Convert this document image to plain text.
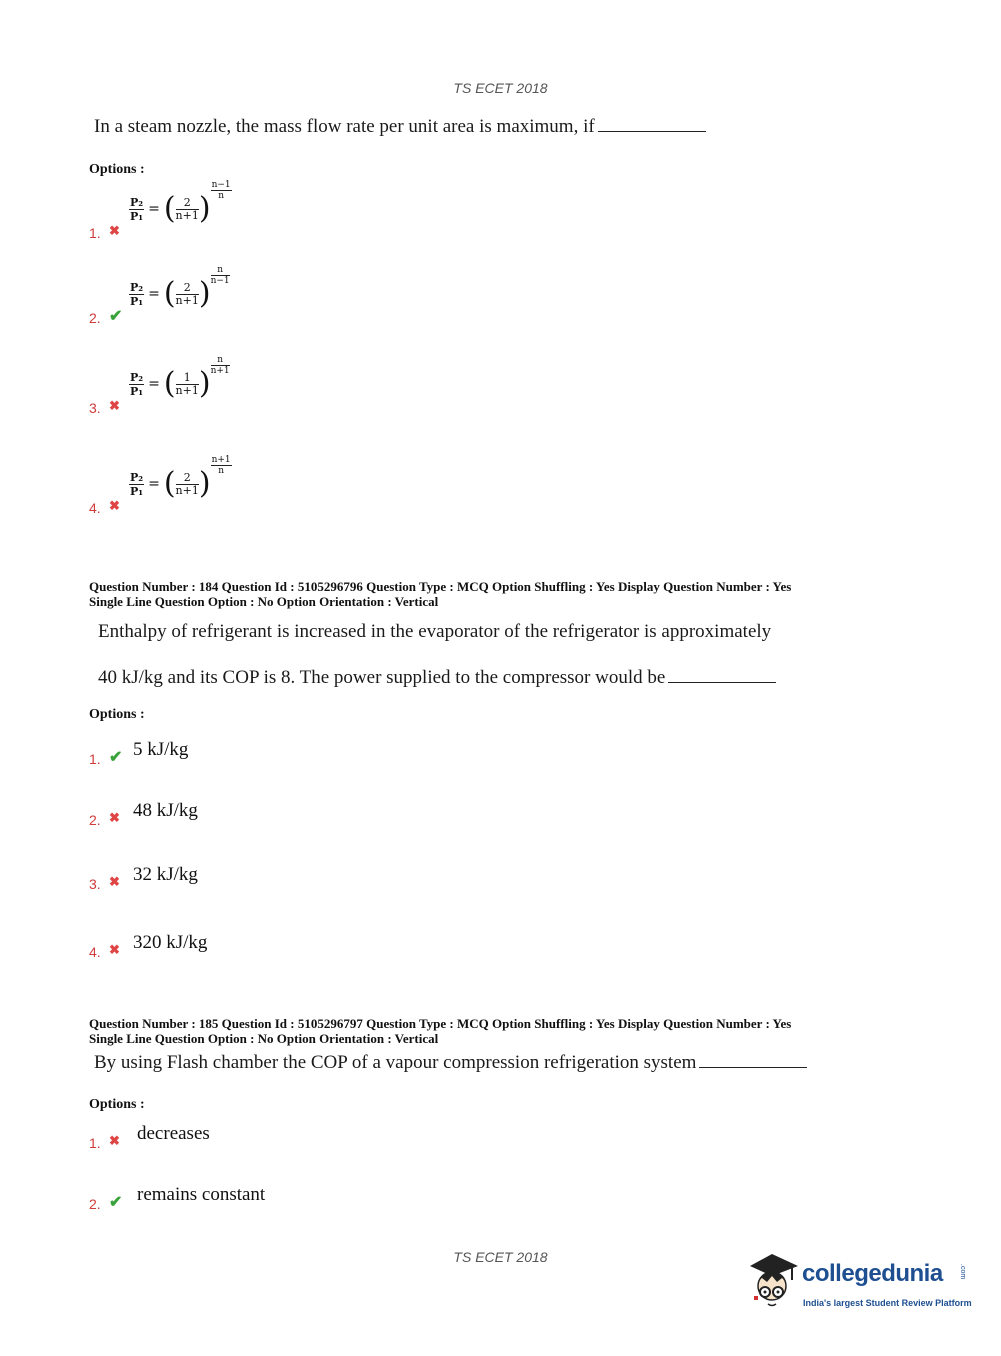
TS ECET 2018
In a steam nozzle, the mass flow rate per unit area is maximum, if
Options :
1. ✖
$\frac{\text{P₂}}{\text{P₁}}$ = ( $\frac{2}{n+1}$ )
$\frac{n-1}{n}$
2. ✔
$\frac{\text{P₂}}{\text{P₁}}$ = ( $\frac{2}{n+1}$ )
$\frac{n}{n-1}$
3. ✖
$\frac{\text{P₂}}{\text{P₁}}$ = ( $\frac{1}{n+1}$ )
$\frac{n}{n+1}$
4. ✖
$\frac{\text{P₂}}{\text{P₁}}$ = ( $\frac{2}{n+1}$ )
$\frac{n+1}{n}$
Question Number : 184 Question Id : 5105296796 Question Type : MCQ Option Shuffling : Yes Display Question Number : Yes
Single Line Question Option : No Option Orientation : Vertical
Enthalpy of refrigerant is increased in the evaporator of the refrigerator is approximately
40 kJ/kg and its COP is 8. The power supplied to the compressor would be
Options :
1. ✔ 5 kJ/kg
2. ✖ 48 kJ/kg
3. ✖ 32 kJ/kg
4. ✖ 320 kJ/kg
Question Number : 185 Question Id : 5105296797 Question Type : MCQ Option Shuffling : Yes Display Question Number : Yes
Single Line Question Option : No Option Orientation : Vertical
By using Flash chamber the COP of a vapour compression refrigeration system
Options :
1. ✖ decreases
2. ✔ remains constant
TS ECET 2018
collegedunia .com
India's largest Student Review Platform
